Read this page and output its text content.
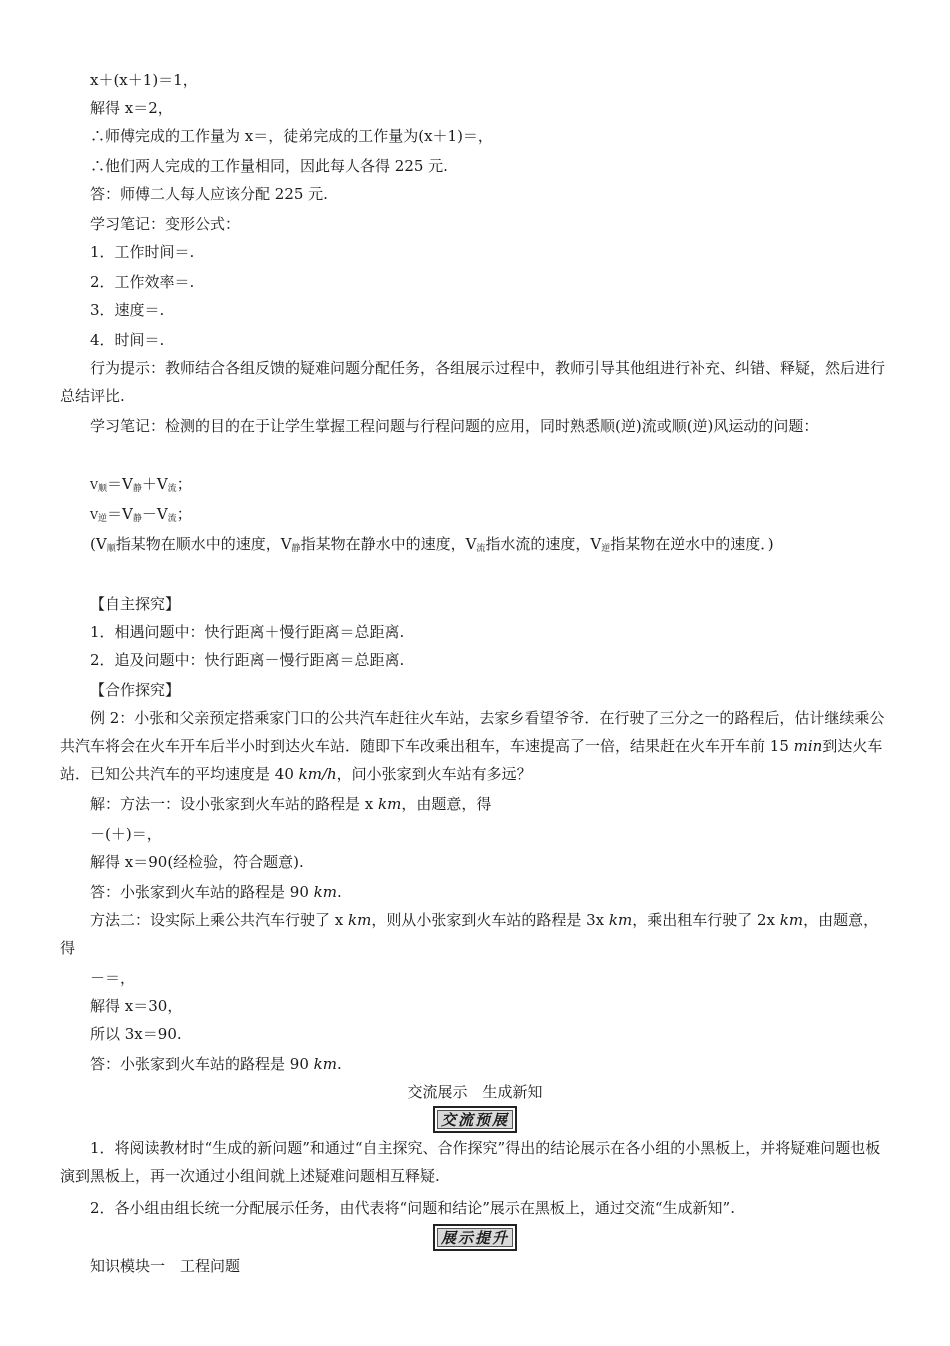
x＋(x＋1)＝1，
解得 x＝2，
∴师傅完成的工作量为 x＝，徒弟完成的工作量为(x＋1)＝，
∴他们两人完成的工作量相同，因此每人各得 225 元.
答：师傅二人每人应该分配 225 元.
学习笔记：变形公式：
1．工作时间＝.
2．工作效率＝.
3．速度＝.
4．时间＝.
行为提示：教师结合各组反馈的疑难问题分配任务，各组展示过程中，教师引导其他组进行补充、纠错、释疑，然后进行总结评比.
学习笔记：检测的目的在于让学生掌握工程问题与行程问题的应用，同时熟悉顺(逆)流或顺(逆)风运动的问题：
$V_顺=V_静+V_流$；
$V_逆=V_静-V_流$；
($V_顺$指某物在顺水中的速度，$V_静$指某物在静水中的速度，$V_流$指水流的速度，$V_逆$指某物在逆水中的速度．)
【自主探究】
1．相遇问题中：快行距离＋慢行距离＝总距离.
2．追及问题中：快行距离－慢行距离＝总距离.
【合作探究】
例 2：小张和父亲预定搭乘家门口的公共汽车赶往火车站，去家乡看望爷爷．在行驶了三分之一的路程后，估计继续乘公共汽车将会在火车开车后半小时到达火车站．随即下车改乘出租车，车速提高了一倍，结果赶在火车开车前 15 min到达火车站．已知公共汽车的平均速度是 40 km/h，问小张家到火车站有多远？
解：方法一：设小张家到火车站的路程是 x km，由题意，得
－(＋)＝，
解得 x＝90(经检验，符合题意).
答：小张家到火车站的路程是 90 km.
方法二：设实际上乘公共汽车行驶了 x km，则从小张家到火车站的路程是 3x km，乘出租车行驶了 2x km，由题意，得
－＝，
解得 x＝30，
所以 3x＝90.
答：小张家到火车站的路程是 90 km.
交流展示　生成新知
交流预展
1．将阅读教材时“生成的新问题”和通过“自主探究、合作探究”得出的结论展示在各小组的小黑板上，并将疑难问题也板演到黑板上，再一次通过小组间就上述疑难问题相互释疑.
2．各小组由组长统一分配展示任务，由代表将“问题和结论”展示在黑板上，通过交流“生成新知”.
展示提升
知识模块一　工程问题
